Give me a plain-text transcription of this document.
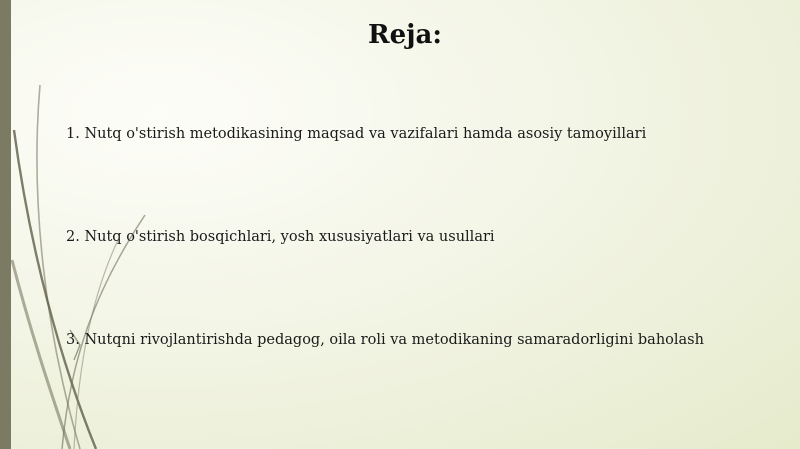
Reja:

1. Nutq o'stirish metodikasining maqsad va vazifalari hamda asosiy tamoyillari

2. Nutq o'stirish bosqichlari, yosh xususiyatlari va usullari

3. Nutqni rivojlantirishda pedagog, oila roli va metodikaning samaradorligini baholash
